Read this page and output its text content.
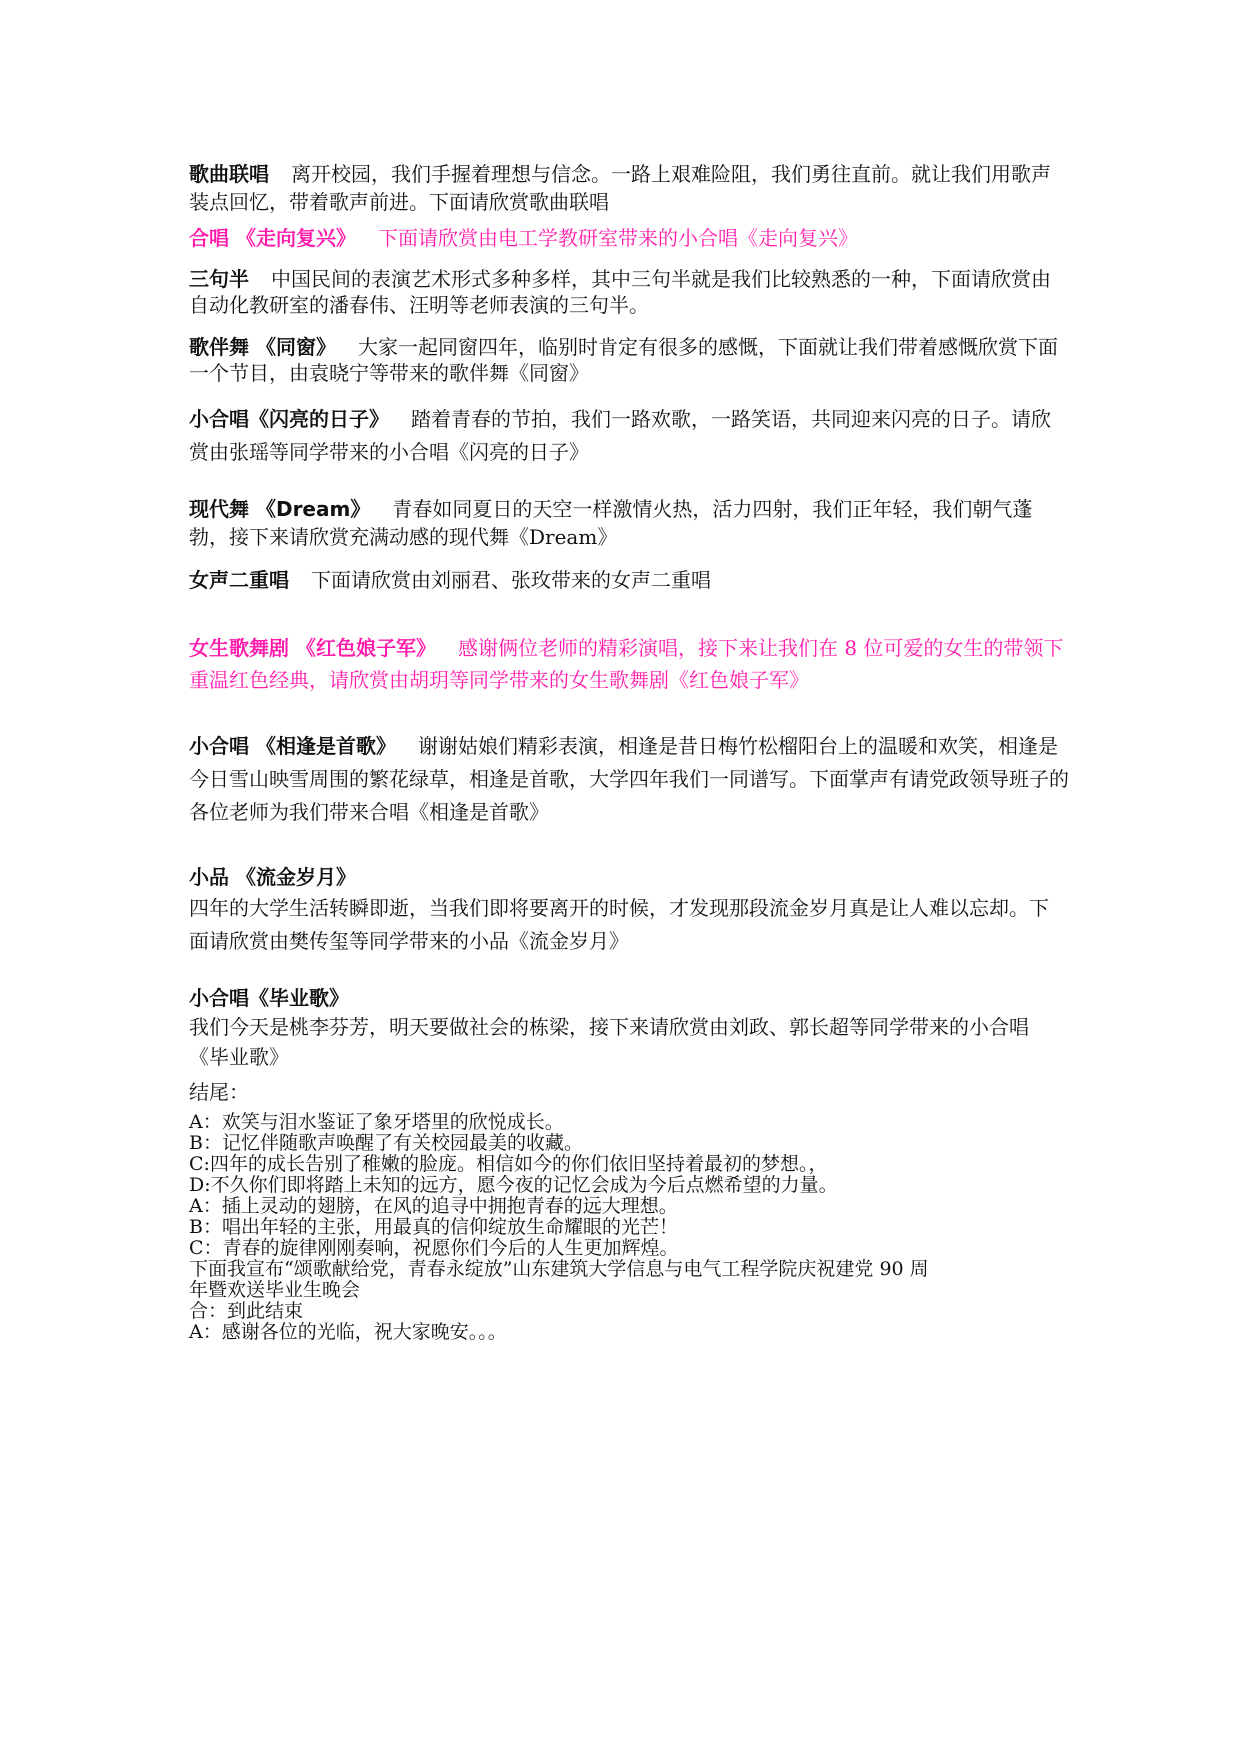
歌曲联唱 离开校园，我们手握着理想与信念。一路上艰难险阻，我们勇往直前。就让我们用歌声装点回忆，带着歌声前进。下面请欣赏歌曲联唱

合唱 《走向复兴》 下面请欣赏由电工学教研室带来的小合唱《走向复兴》

三句半 中国民间的表演艺术形式多种多样，其中三句半就是我们比较熟悉的一种，下面请欣赏由自动化教研室的潘春伟、汪明等老师表演的三句半。

歌伴舞 《同窗》 大家一起同窗四年，临别时肯定有很多的感慨，下面就让我们带着感慨欣赏下面一个节目，由袁晓宁等带来的歌伴舞《同窗》

小合唱《闪亮的日子》 踏着青春的节拍，我们一路欢歌，一路笑语，共同迎来闪亮的日子。请欣赏由张瑶等同学带来的小合唱《闪亮的日子》

现代舞 《Dream》 青春如同夏日的天空一样激情火热，活力四射，我们正年轻，我们朝气蓬勃，接下来请欣赏充满动感的现代舞《Dream》

女声二重唱 下面请欣赏由刘丽君、张玫带来的女声二重唱

女生歌舞剧 《红色娘子军》 感谢俩位老师的精彩演唱，接下来让我们在 8 位可爱的女生的带领下重温红色经典，请欣赏由胡玥等同学带来的女生歌舞剧《红色娘子军》

小合唱 《相逢是首歌》 谢谢姑娘们精彩表演，相逢是昔日梅竹松榴阳台上的温暖和欢笑，相逢是今日雪山映雪周围的繁花绿草，相逢是首歌，大学四年我们一同谱写。下面掌声有请党政领导班子的各位老师为我们带来合唱《相逢是首歌》

小品 《流金岁月》

四年的大学生活转瞬即逝，当我们即将要离开的时候，才发现那段流金岁月真是让人难以忘却。下面请欣赏由樊传玺等同学带来的小品《流金岁月》

小合唱《毕业歌》

我们今天是桃李芬芳，明天要做社会的栋梁，接下来请欣赏由刘政、郭长超等同学带来的小合唱《毕业歌》

结尾：

A：欢笑与泪水鉴证了象牙塔里的欣悦成长。

B：记忆伴随歌声唤醒了有关校园最美的收藏。

C:四年的成长告别了稚嫩的脸庞。相信如今的你们依旧坚持着最初的梦想。，

D:不久你们即将踏上未知的远方，愿今夜的记忆会成为今后点燃希望的力量。

A：插上灵动的翅膀，在风的追寻中拥抱青春的远大理想。

B：唱出年轻的主张，用最真的信仰绽放生命耀眼的光芒！

C：青春的旋律刚刚奏响，祝愿你们今后的人生更加辉煌。

下面我宣布“颂歌献给党，青春永绽放”山东建筑大学信息与电气工程学院庆祝建党 90 周

年暨欢送毕业生晚会

合：到此结束

A：感谢各位的光临，祝大家晚安。。。
